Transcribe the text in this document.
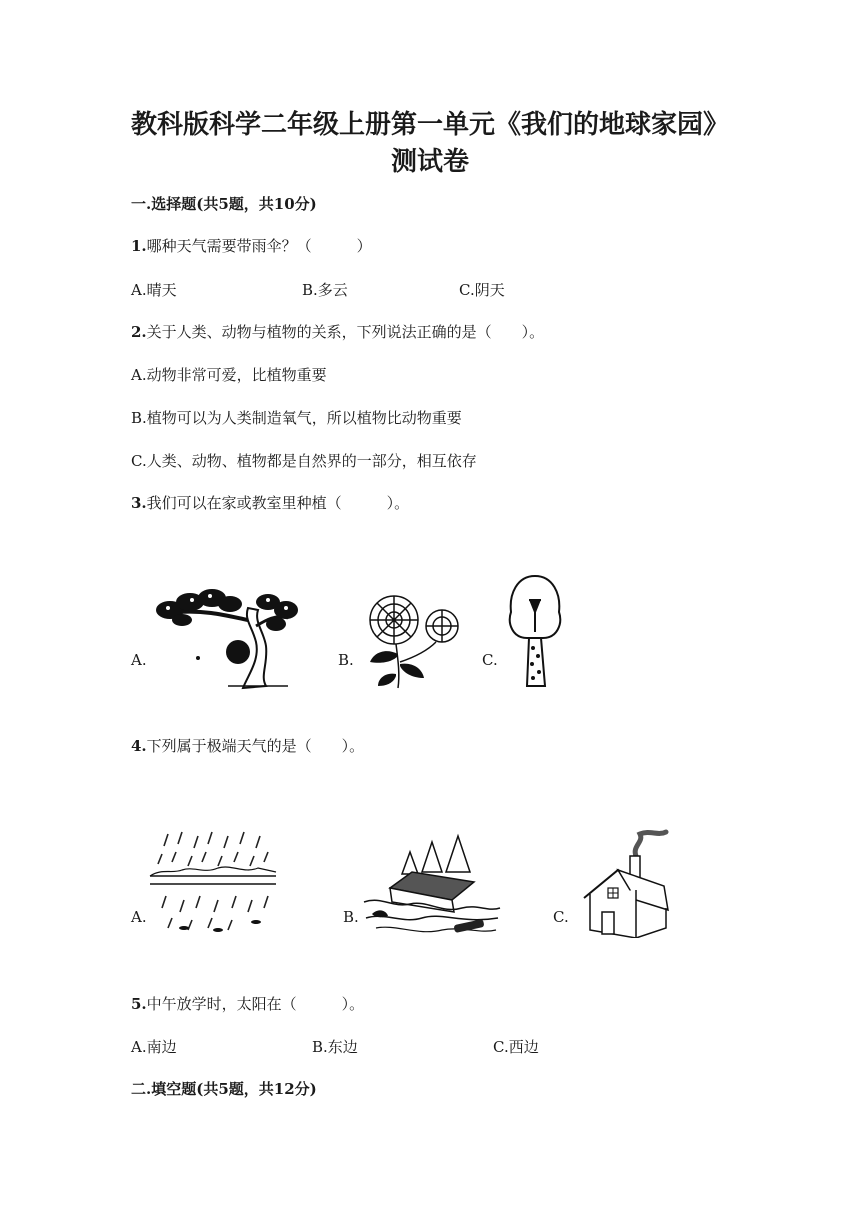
教科版科学二年级上册第一单元《我们的地球家园》
测试卷
一.选择题(共5题，共10分)
1.哪种天气需要带雨伞？（　　　）
A.晴天	B.多云	C.阴天
2.关于人类、动物与植物的关系，下列说法正确的是（　　）。
A.动物非常可爱，比植物重要
B.植物可以为人类制造氧气，所以植物比动物重要
C.人类、动物、植物都是自然界的一部分，相互依存
3.我们可以在家或教室里种植（　　　）。
A.	B.	C.
4.下列属于极端天气的是（　　）。
A.	B.	C.
5.中午放学时，太阳在（　　　）。
A.南边	B.东边	C.西边
二.填空题(共5题，共12分)
